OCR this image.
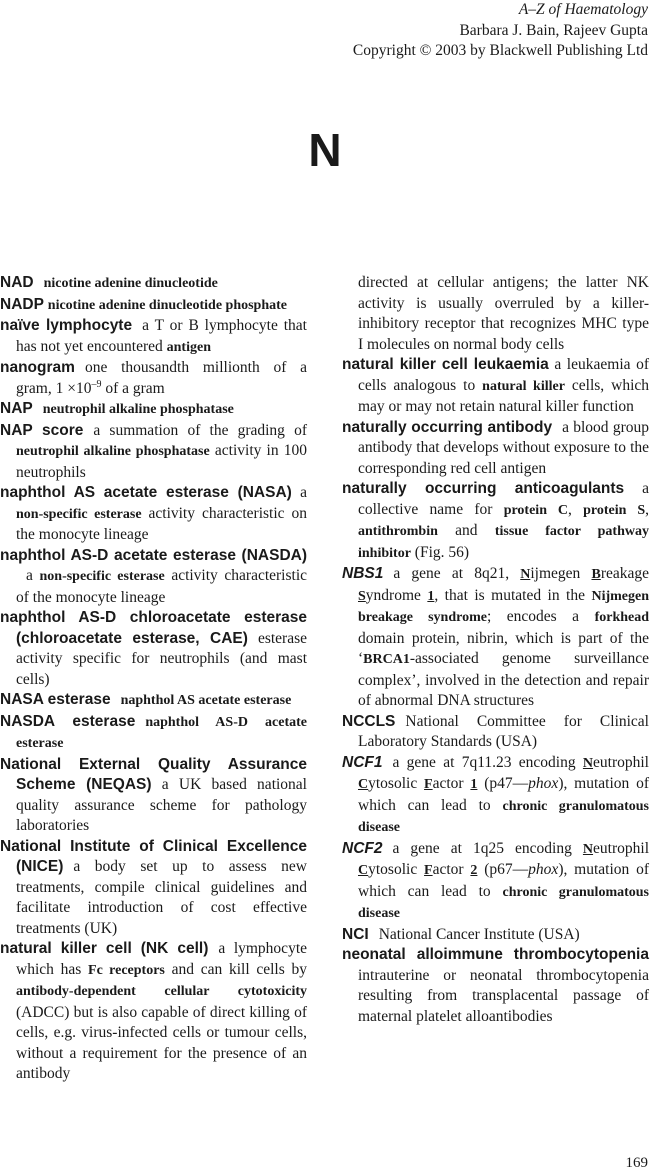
A–Z of Haematology
Barbara J. Bain, Rajeev Gupta
Copyright © 2003 by Blackwell Publishing Ltd
N
NAD nicotine adenine dinucleotide
NADP nicotine adenine dinucleotide phosphate
naïve lymphocyte a T or B lymphocyte that has not yet encountered antigen
nanogram one thousandth millionth of a gram, $1 \times 10^{-9}$ of a gram
NAP neutrophil alkaline phosphatase
NAP score a summation of the grading of neutrophil alkaline phosphatase activity in 100 neutrophils
naphthol AS acetate esterase (NASA) a non-specific esterase activity characteristic on the monocyte lineage
naphthol AS-D acetate esterase (NASDA)a non-specific esterase activity characteristic of the monocyte lineage
naphthol AS-D chloroacetate esterase (chloroacetate esterase, CAE) esterase activity specific for neutrophils (and mast cells)
NASA esterase naphthol AS acetate esterase
NASDA esterase naphthol AS-D acetate esterase
National External Quality Assurance Scheme (NEQAS) a UK based national quality assurance scheme for pathology laboratories
National Institute of Clinical Excellence (NICE) a body set up to assess new treatments, compile clinical guidelines and facilitate introduction of cost effective treatments (UK)
natural killer cell (NK cell) a lymphocyte which has Fc receptors and can kill cells by antibody-dependent cellular cytotoxicity (ADCC) but is also capable of direct killing of cells, e.g. virus-infected cells or tumour cells, without a requirement for the presence of an antibody
directed at cellular antigens; the latter NK activity is usually overruled by a killer-inhibitory receptor that recognizes MHC type I molecules on normal body cells
natural killer cell leukaemia a leukaemia of cells analogous to natural killer cells, which may or may not retain natural killer function
naturally occurring antibody a blood group antibody that develops without exposure to the corresponding red cell antigen
naturally occurring anticoagulants a collective name for protein C, protein S, antithrombin and tissue factor pathway inhibitor (Fig. 56)
NBS1 a gene at 8q21, Nijmegen Breakage Syndrome 1, that is mutated in the Nijmegen breakage syndrome; encodes a forkhead domain protein, nibrin, which is part of the ‘BRCA1-associated genome surveillance complex’, involved in the detection and repair of abnormal DNA structures
NCCLS National Committee for Clinical Laboratory Standards (USA)
NCF1 a gene at 7q11.23 encoding Neutrophil Cytosolic Factor 1 (p47—phox), mutation of which can lead to chronic granulomatous disease
NCF2 a gene at 1q25 encoding Neutrophil Cytosolic Factor 2 (p67—phox), mutation of which can lead to chronic granulomatous disease
NCI National Cancer Institute (USA)
neonatal alloimmune thrombocytopenia intrauterine or neonatal thrombocytopenia resulting from transplacental passage of maternal platelet alloantibodies
169
